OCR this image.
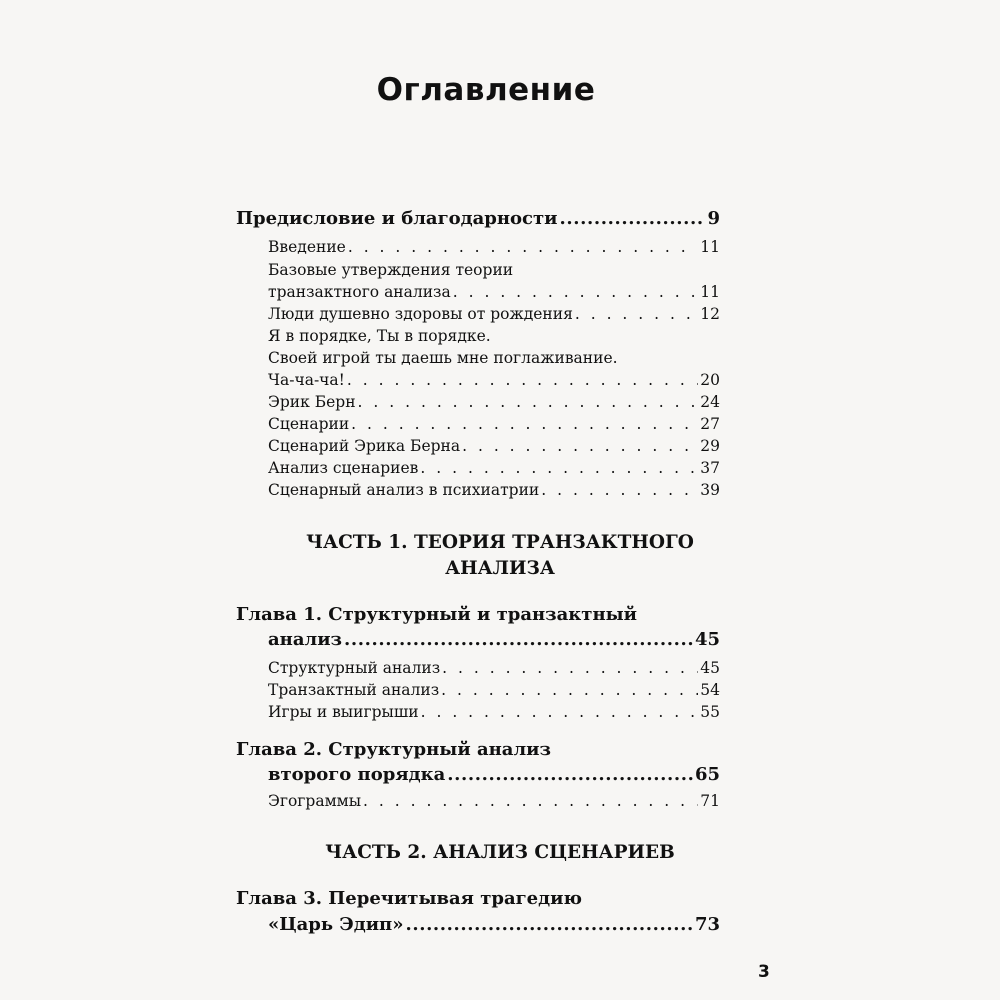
Оглавление
Предисловие и благодарности .....	9
Введение . . .	11
Базовые утверждения теории
транзактного анализа . . .	11
Люди душевно здоровы от рождения . . .	12
Я в порядке, Ты в порядке.
Своей игрой ты даешь мне поглаживание.
Ча-ча-ча! . . .	20
Эрик Берн . . .	24
Сценарии . . .	27
Сценарий Эрика Берна . . .	29
Анализ сценариев . . .	37
Сценарный анализ в психиатрии . . .	39
ЧАСТЬ 1. ТЕОРИЯ ТРАНЗАКТНОГО
АНАЛИЗА
Глава 1. Структурный и транзактный
анализ .....	45
Структурный анализ . . .	45
Транзактный анализ . . .	54
Игры и выигрыши . . .	55
Глава 2. Структурный анализ
второго порядка .....	65
Эгограммы . . .	71
ЧАСТЬ 2. АНАЛИЗ СЦЕНАРИЕВ
Глава 3. Перечитывая трагедию
«Царь Эдип» .....	73
3
